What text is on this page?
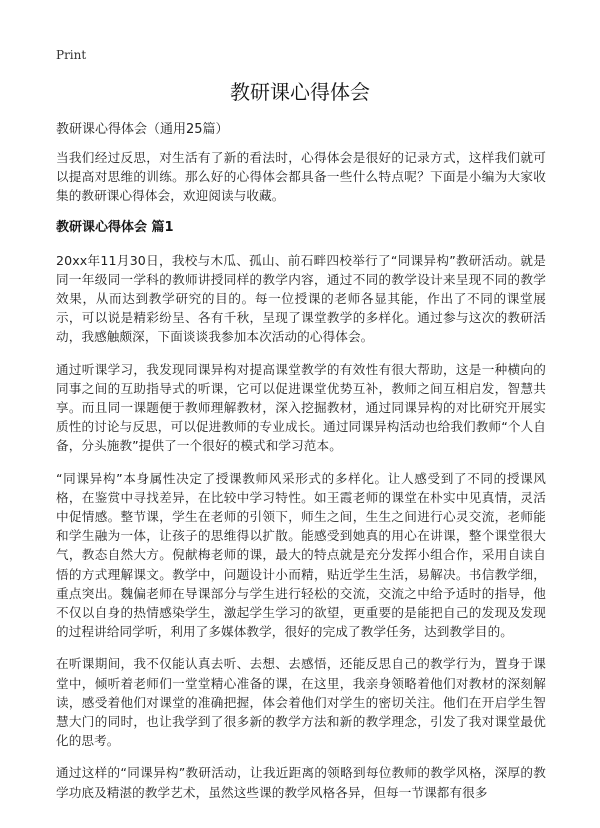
Print
教研课心得体会
教研课心得体会（通用25篇）

当我们经过反思，对生活有了新的看法时，心得体会是很好的记录方式，这样我们就可以提高对思维的训练。那么好的心得体会都具备一些什么特点呢？下面是小编为大家收集的教研课心得体会，欢迎阅读与收藏。

教研课心得体会 篇1

20xx年11月30日，我校与木瓜、孤山、前石畔四校举行了“同课异构”教研活动。就是同一年级同一学科的教师讲授同样的教学内容，通过不同的教学设计来呈现不同的教学效果，从而达到教学研究的目的。每一位授课的老师各显其能，作出了不同的课堂展示，可以说是精彩纷呈、各有千秋，呈现了课堂教学的多样化。通过参与这次的教研活动，我感触颇深，下面谈谈我参加本次活动的心得体会。

通过听课学习，我发现同课异构对提高课堂教学的有效性有很大帮助，这是一种横向的同事之间的互助指导式的听课，它可以促进课堂优势互补，教师之间互相启发，智慧共享。而且同一课题便于教师理解教材，深入挖掘教材，通过同课异构的对比研究开展实质性的讨论与反思，可以促进教师的专业成长。通过同课异构活动也给我们教师“个人自备，分头施教”提供了一个很好的模式和学习范本。

“同课异构”本身属性决定了授课教师风采形式的多样化。让人感受到了不同的授课风格，在鉴赏中寻找差异，在比较中学习特性。如王霞老师的课堂在朴实中见真情，灵活中促情感。整节课，学生在老师的引领下，师生之间，生生之间进行心灵交流，老师能和学生融为一体，让孩子的思维得以扩散。能感受到她真的用心在讲课，整个课堂很大气，教态自然大方。倪献梅老师的课，最大的特点就是充分发挥小组合作，采用自读自悟的方式理解课文。教学中，问题设计小而精，贴近学生生活，易解决。书信教学细，重点突出。魏偏老师在导课部分与学生进行轻松的交流，交流之中给予适时的指导，他不仅以自身的热情感染学生，激起学生学习的欲望，更重要的是能把自己的发现及发现的过程讲给同学听，利用了多媒体教学，很好的完成了教学任务，达到教学目的。

在听课期间，我不仅能认真去听、去想、去感悟，还能反思自己的教学行为，置身于课堂中，倾听着老师们一堂堂精心准备的课，在这里，我亲身领略着他们对教材的深刻解读，感受着他们对课堂的准确把握，体会着他们对学生的密切关注。他们在开启学生智慧大门的同时，也让我学到了很多新的教学方法和新的教学理念，引发了我对课堂最优化的思考。

通过这样的“同课异构”教研活动，让我近距离的领略到每位教师的教学风格，深厚的教学功底及精湛的教学艺术，虽然这些课的教学风格各异，但每一节课都有很多
